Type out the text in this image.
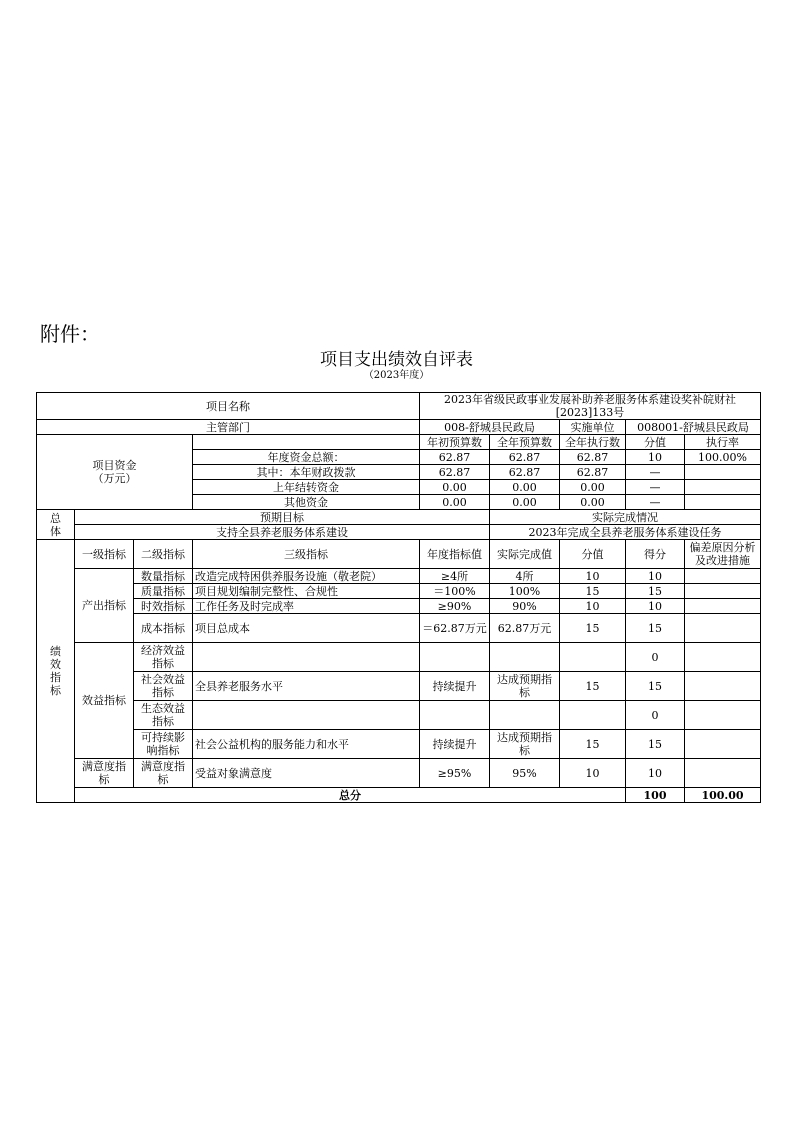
附件：
项目支出绩效自评表
（2023年度）
项目名称				2023年省级民政事业发展补助养老服务体系建设奖补皖财社[2023]133号					
主管部门				008-舒城县民政局		实施单位	008001-舒城县民政局		

项目资金
（万元）				年初预算数	全年预算数	全年执行数	分值	执行率	
			年度资金总额：	62.87	62.87	62.87	10	100.00%	
			其中：本年财政拨款	62.87	62.87	62.87	—		
			上年结转资金	0.00	0.00	0.00	—		
			其他资金	0.00	0.00	0.00	—		

总
体	预期目标				实际完成情况				
	支持全县养老服务体系建设				2023年完成全县养老服务体系建设任务				

绩
效
指
标	一级指标	二级指标	三级指标	年度指标值	实际完成值	分值	得分	偏差原因分析及改进措施	
	产出指标	数量指标	改造完成特困供养服务设施（敬老院）	≥4所	4所	10	10		
		质量指标	项目规划编制完整性、合规性	＝100%	100%	15	15		
		时效指标	工作任务及时完成率	≥90%	90%	10	10		
		成本指标	项目总成本	＝62.87万元	62.87万元	15	15		
	效益指标	经济效益指标					0		
		社会效益指标	全县养老服务水平	持续提升	达成预期指标	15	15		
		生态效益指标					0		
		可持续影响指标	社会公益机构的服务能力和水平	持续提升	达成预期指标	15	15		
	满意度指标	满意度指标	受益对象满意度	≥95%	95%	10	10		
	总分						100	100.00	
